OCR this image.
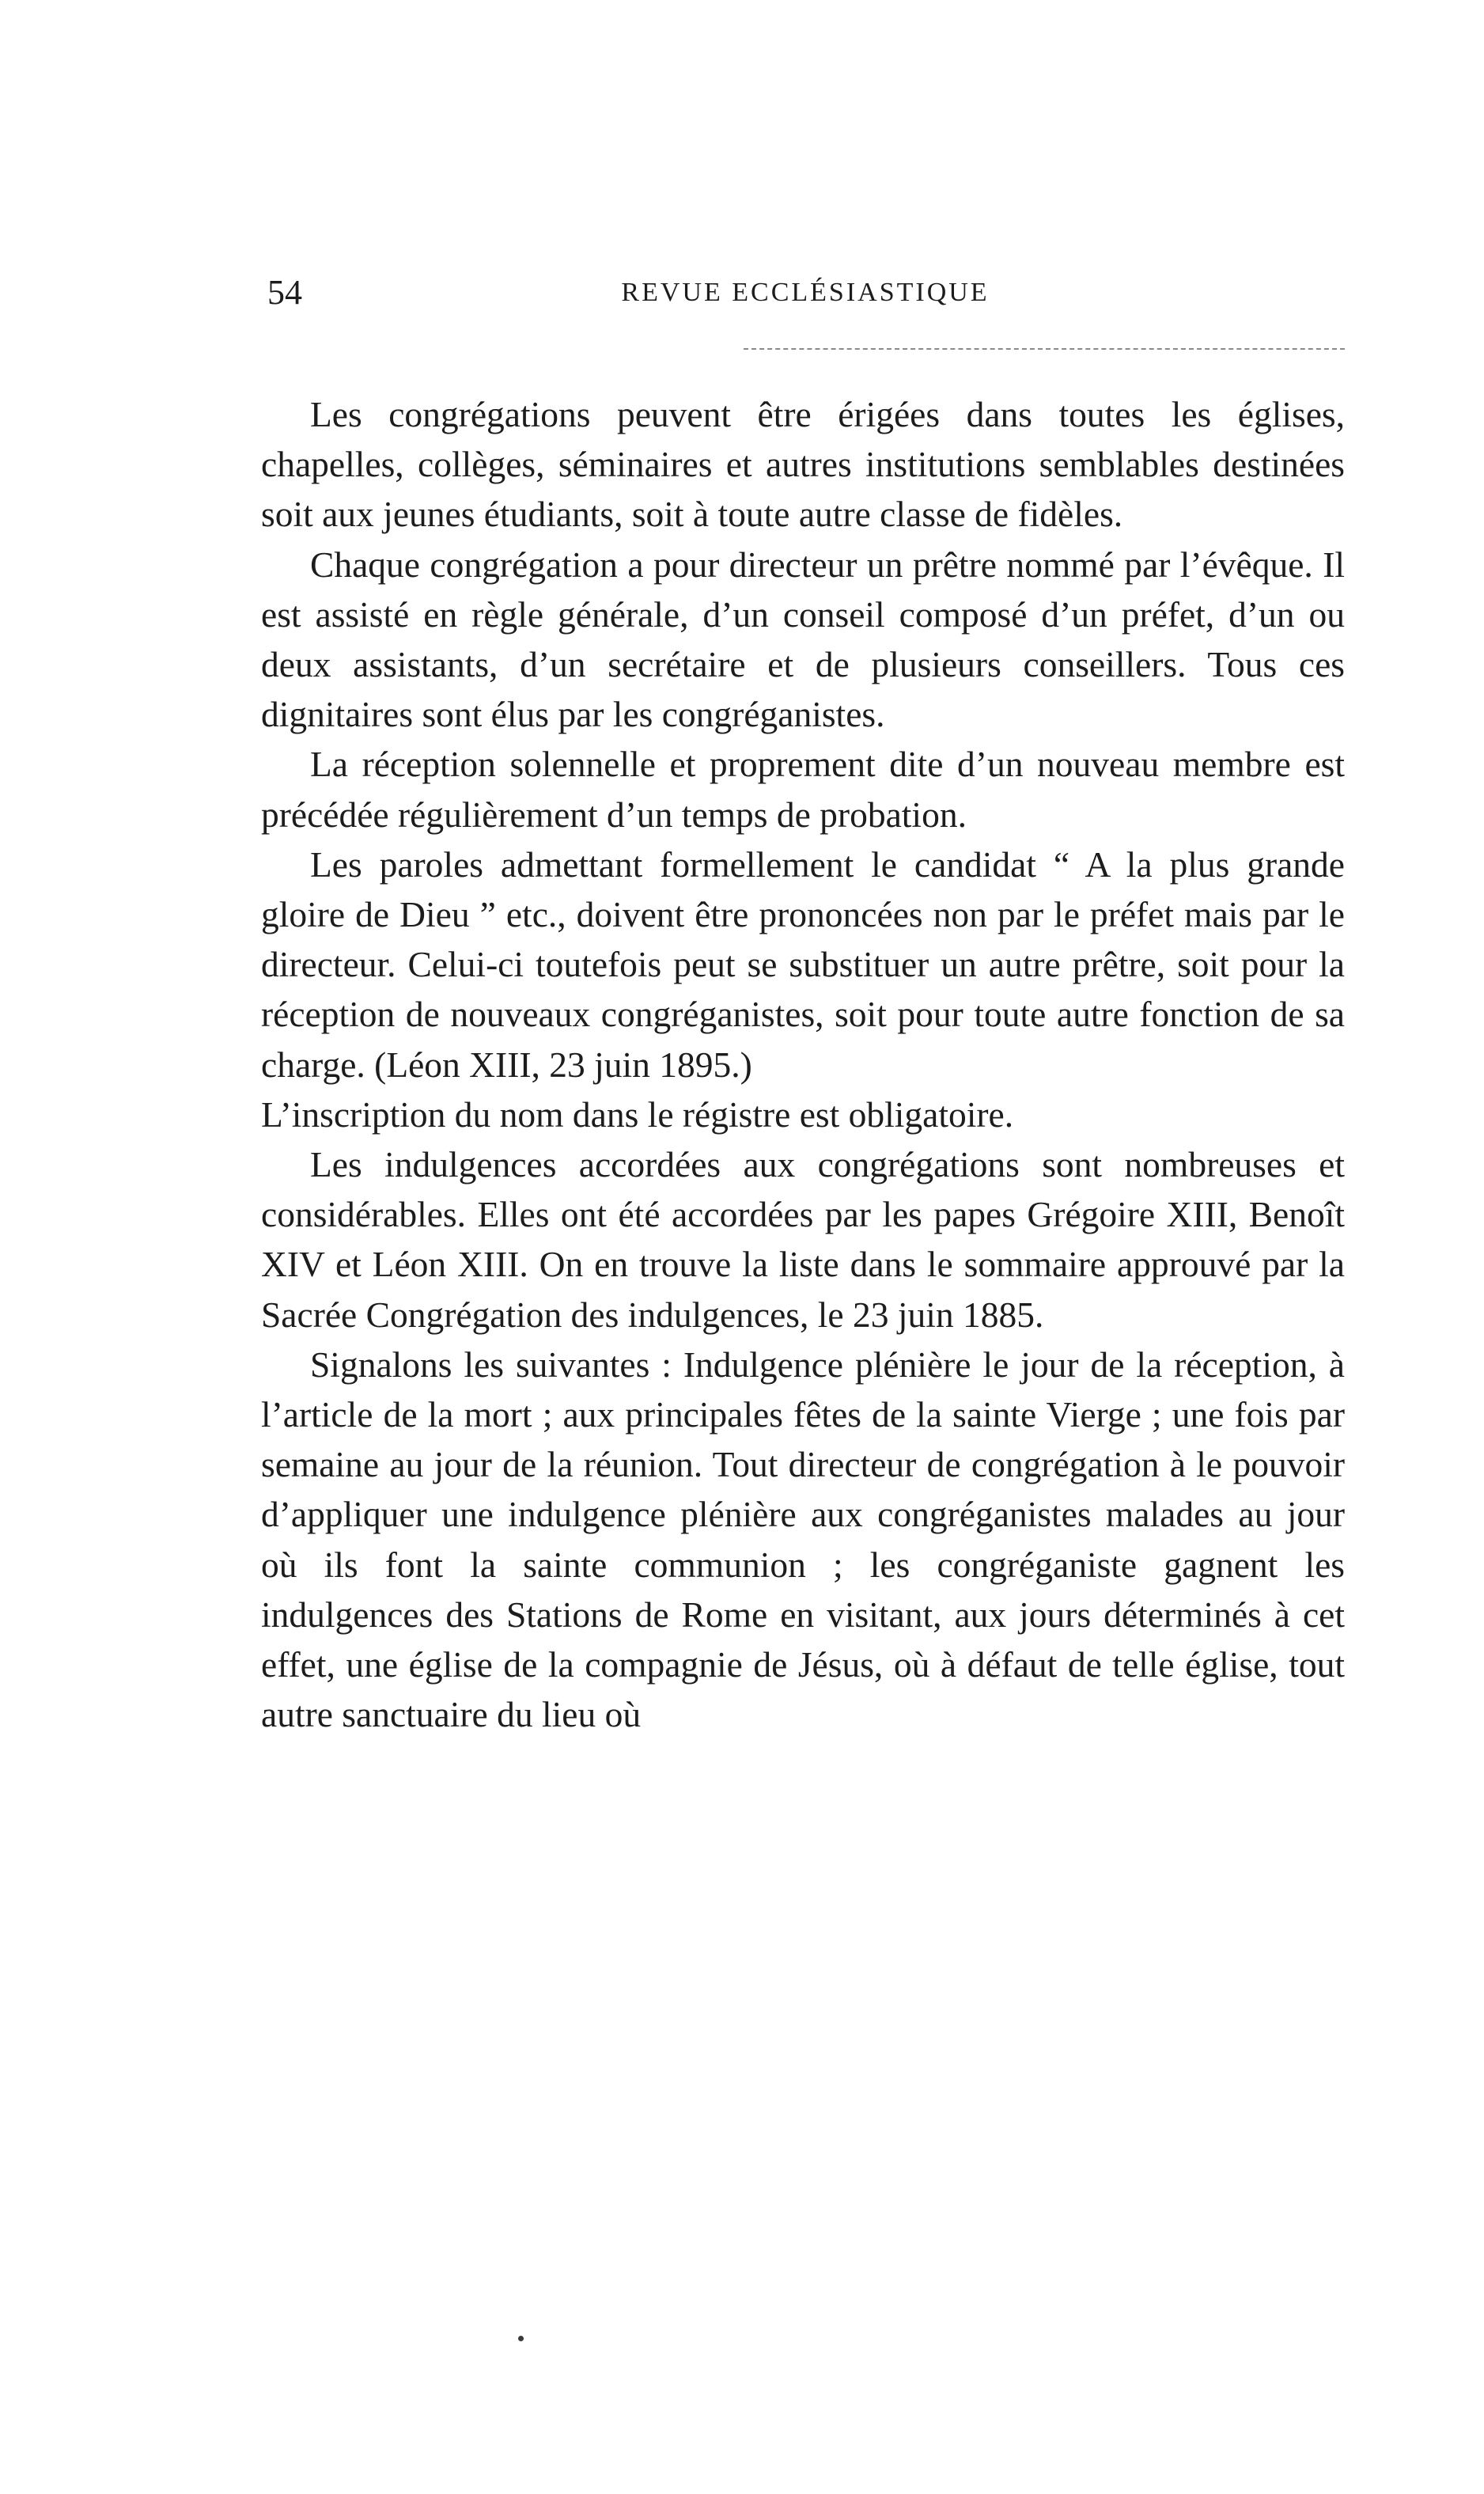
54	REVUE ECCLÉSIASTIQUE

Les congrégations peuvent être érigées dans toutes les églises, chapelles, collèges, séminaires et autres institutions semblables destinées soit aux jeunes étudiants, soit à toute autre classe de fidèles.

Chaque congrégation a pour directeur un prêtre nommé par l’évêque. Il est assisté en règle générale, d’un conseil composé d’un préfet, d’un ou deux assistants, d’un secrétaire et de plusieurs conseillers. Tous ces dignitaires sont élus par les congréganistes.

La réception solennelle et proprement dite d’un nouveau membre est précédée régulièrement d’un temps de probation.

Les paroles admettant formellement le candidat “ A la plus grande gloire de Dieu ” etc., doivent être prononcées non par le préfet mais par le directeur. Celui-ci toutefois peut se substituer un autre prêtre, soit pour la réception de nouveaux congréganistes, soit pour toute autre fonction de sa charge. (Léon XIII, 23 juin 1895.)

L’inscription du nom dans le régistre est obligatoire.

Les indulgences accordées aux congrégations sont nombreuses et considérables. Elles ont été accordées par les papes Grégoire XIII, Benoît XIV et Léon XIII. On en trouve la liste dans le sommaire approuvé par la Sacrée Congrégation des indulgences, le 23 juin 1885.

Signalons les suivantes : Indulgence plénière le jour de la réception, à l’article de la mort ; aux principales fêtes de la sainte Vierge ; une fois par semaine au jour de la réunion. Tout directeur de congrégation à le pouvoir d’appliquer une indulgence plénière aux congréganistes malades au jour où ils font la sainte communion ; les congréganiste gagnent les indulgences des Stations de Rome en visitant, aux jours déterminés à cet effet, une église de la compagnie de Jésus, où à défaut de telle église, tout autre sanctuaire du lieu où
